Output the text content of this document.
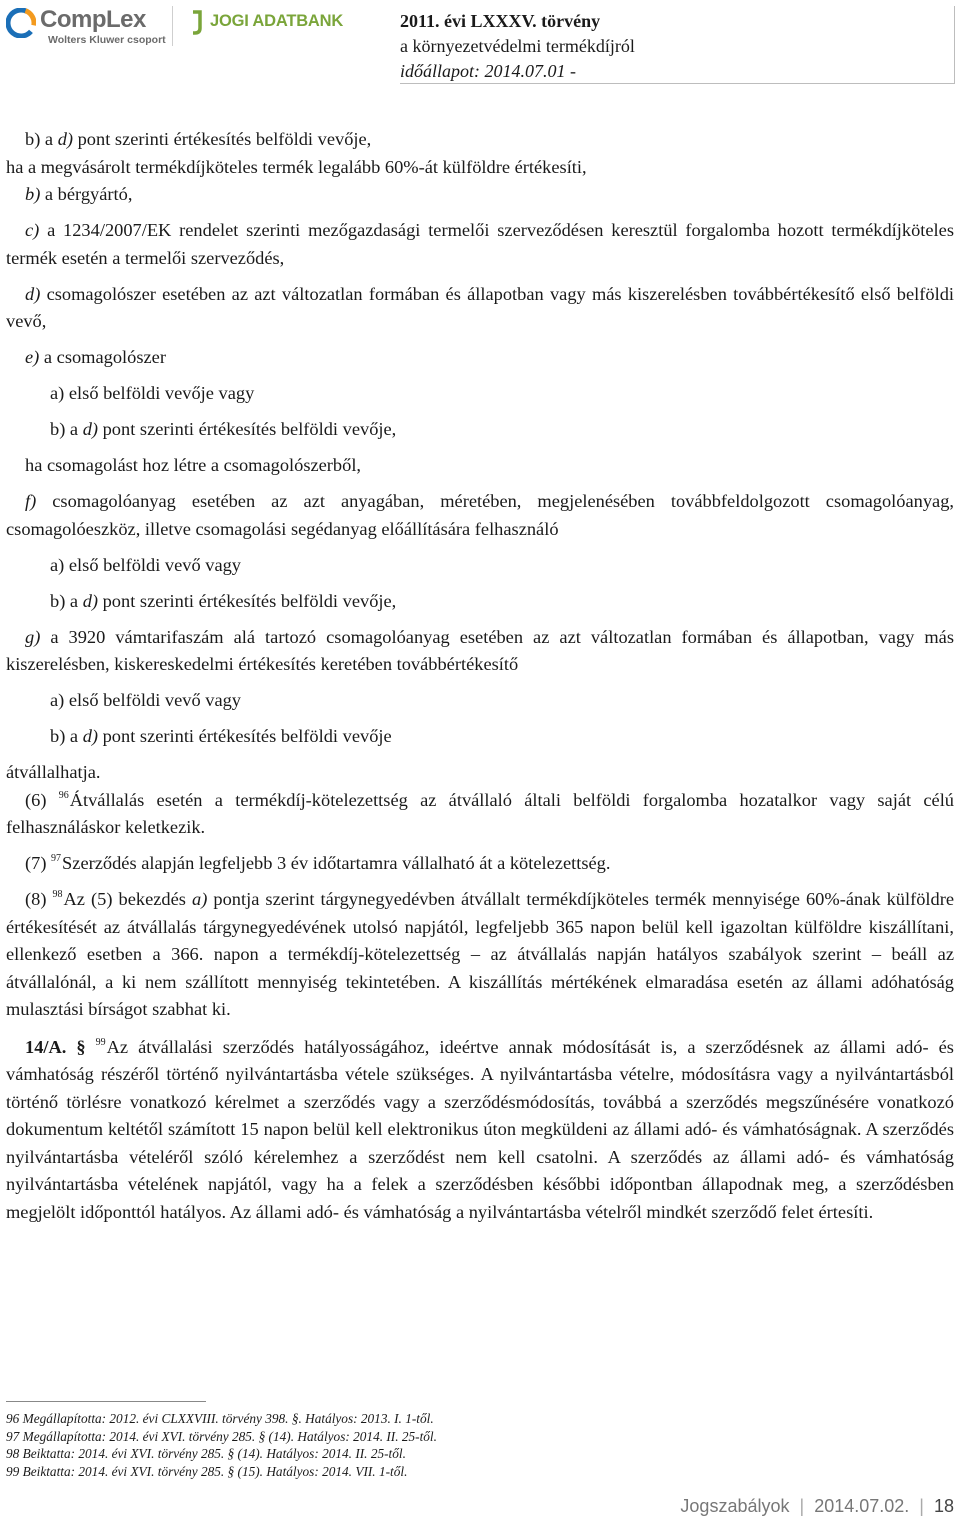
CompLex
Wolters Kluwer csoport
JOGI ADATBANK	2011. évi LXXXV. törvény
a környezetvédelmi termékdíjról
időállapot: 2014.07.01 -

b) a d) pont szerinti értékesítés belföldi vevője,

ha a megvásárolt termékdíjköteles termék legalább 60%-át külföldre értékesíti,

b) a bérgyártó,

c) a 1234/2007/EK rendelet szerinti mezőgazdasági termelői szerveződésen keresztül forgalomba hozott termékdíjköteles termék esetén a termelői szerveződés,

d) csomagolószer esetében az azt változatlan formában és állapotban vagy más kiszerelésben továbbértékesítő első belföldi vevő,

e) a csomagolószer

a) első belföldi vevője vagy

b) a d) pont szerinti értékesítés belföldi vevője,

ha csomagolást hoz létre a csomagolószerből,

f) csomagolóanyag esetében az azt anyagában, méretében, megjelenésében továbbfeldolgozott csomagolóanyag, csomagolóeszköz, illetve csomagolási segédanyag előállítására felhasználó

a) első belföldi vevő vagy

b) a d) pont szerinti értékesítés belföldi vevője,

g) a 3920 vámtarifaszám alá tartozó csomagolóanyag esetében az azt változatlan formában és állapotban, vagy más kiszerelésben, kiskereskedelmi értékesítés keretében továbbértékesítő

a) első belföldi vevő vagy

b) a d) pont szerinti értékesítés belföldi vevője

átvállalhatja.

(6) $^{96}$Átvállalás esetén a termékdíj-kötelezettség az átvállaló általi belföldi forgalomba hozatalkor vagy saját célú felhasználáskor keletkezik.

(7) $^{97}$Szerződés alapján legfeljebb 3 év időtartamra vállalható át a kötelezettség.

(8) $^{98}$Az (5) bekezdés a) pontja szerint tárgynegyedévben átvállalt termékdíjköteles termék mennyisége 60%-ának külföldre értékesítését az átvállalás tárgynegyedévének utolsó napjától, legfeljebb 365 napon belül kell igazoltan külföldre kiszállítani, ellenkező esetben a 366. napon a termékdíj-kötelezettség – az átvállalás napján hatályos szabályok szerint – beáll az átvállalónál, a ki nem szállított mennyiség tekintetében. A kiszállítás mértékének elmaradása esetén az állami adóhatóság mulasztási bírságot szabhat ki.

14/A. § $^{99}$Az átvállalási szerződés hatályosságához, ideértve annak módosítását is, a szerződésnek az állami adó- és vámhatóság részéről történő nyilvántartásba vétele szükséges. A nyilvántartásba vételre, módosításra vagy a nyilvántartásból történő törlésre vonatkozó kérelmet a szerződés vagy a szerződésmódosítás, továbbá a szerződés megszűnésére vonatkozó dokumentum keltétől számított 15 napon belül kell elektronikus úton megküldeni az állami adó- és vámhatóságnak. A szerződés nyilvántartásba vételéről szóló kérelemhez a szerződést nem kell csatolni. A szerződés az állami adó- és vámhatóság nyilvántartásba vételének napjától, vagy ha a felek a szerződésben későbbi időpontban állapodnak meg, a szerződésben megjelölt időponttól hatályos. Az állami adó- és vámhatóság a nyilvántartásba vételről mindkét szerződő felet értesíti.

96 Megállapította: 2012. évi CLXXVIII. törvény 398. §. Hatályos: 2013. I. 1-től.
97 Megállapította: 2014. évi XVI. törvény 285. § (14). Hatályos: 2014. II. 25-től.
98 Beiktatta: 2014. évi XVI. törvény 285. § (14). Hatályos: 2014. II. 25-től.
99 Beiktatta: 2014. évi XVI. törvény 285. § (15). Hatályos: 2014. VII. 1-től.
Jogszabályok | 2014.07.02. | 18
